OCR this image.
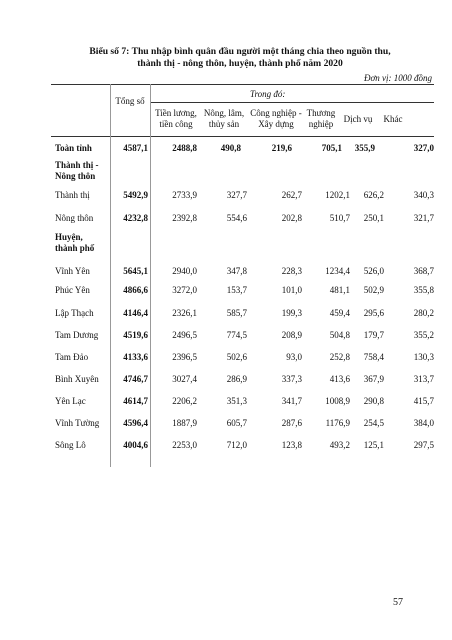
Biểu số 7: Thu nhập bình quân đầu người một tháng chia theo nguồn thu,
thành thị - nông thôn, huyện, thành phố năm 2020
Đơn vị: 1000 đồng
Tổng số
Trong đó:
Tiền lương, tiền công
Nông, lâm, thủy sản
Công nghiệp - Xây dựng
Thương nghiệp	Dịch vụ	Khác
Toàn tỉnh	4587,1	2488,8	490,8	219,6	705,1	355,9	327,0
Thành thị - Nông thôn
Thành thị	5492,9	2733,9	327,7	262,7	1202,1	626,2	340,3
Nông thôn	4232,8	2392,8	554,6	202,8	510,7	250,1	321,7
Huyện, thành phố
Vĩnh Yên	5645,1	2940,0	347,8	228,3	1234,4	526,0	368,7
Phúc Yên	4866,6	3272,0	153,7	101,0	481,1	502,9	355,8
Lập Thạch	4146,4	2326,1	585,7	199,3	459,4	295,6	280,2
Tam Dương	4519,6	2496,5	774,5	208,9	504,8	179,7	355,2
Tam Đảo	4133,6	2396,5	502,6	93,0	252,8	758,4	130,3
Bình Xuyên	4746,7	3027,4	286,9	337,3	413,6	367,9	313,7
Yên Lạc	4614,7	2206,2	351,3	341,7	1008,9	290,8	415,7
Vĩnh Tường	4596,4	1887,9	605,7	287,6	1176,9	254,5	384,0
Sông Lô	4004,6	2253,0	712,0	123,8	493,2	125,1	297,5
57
